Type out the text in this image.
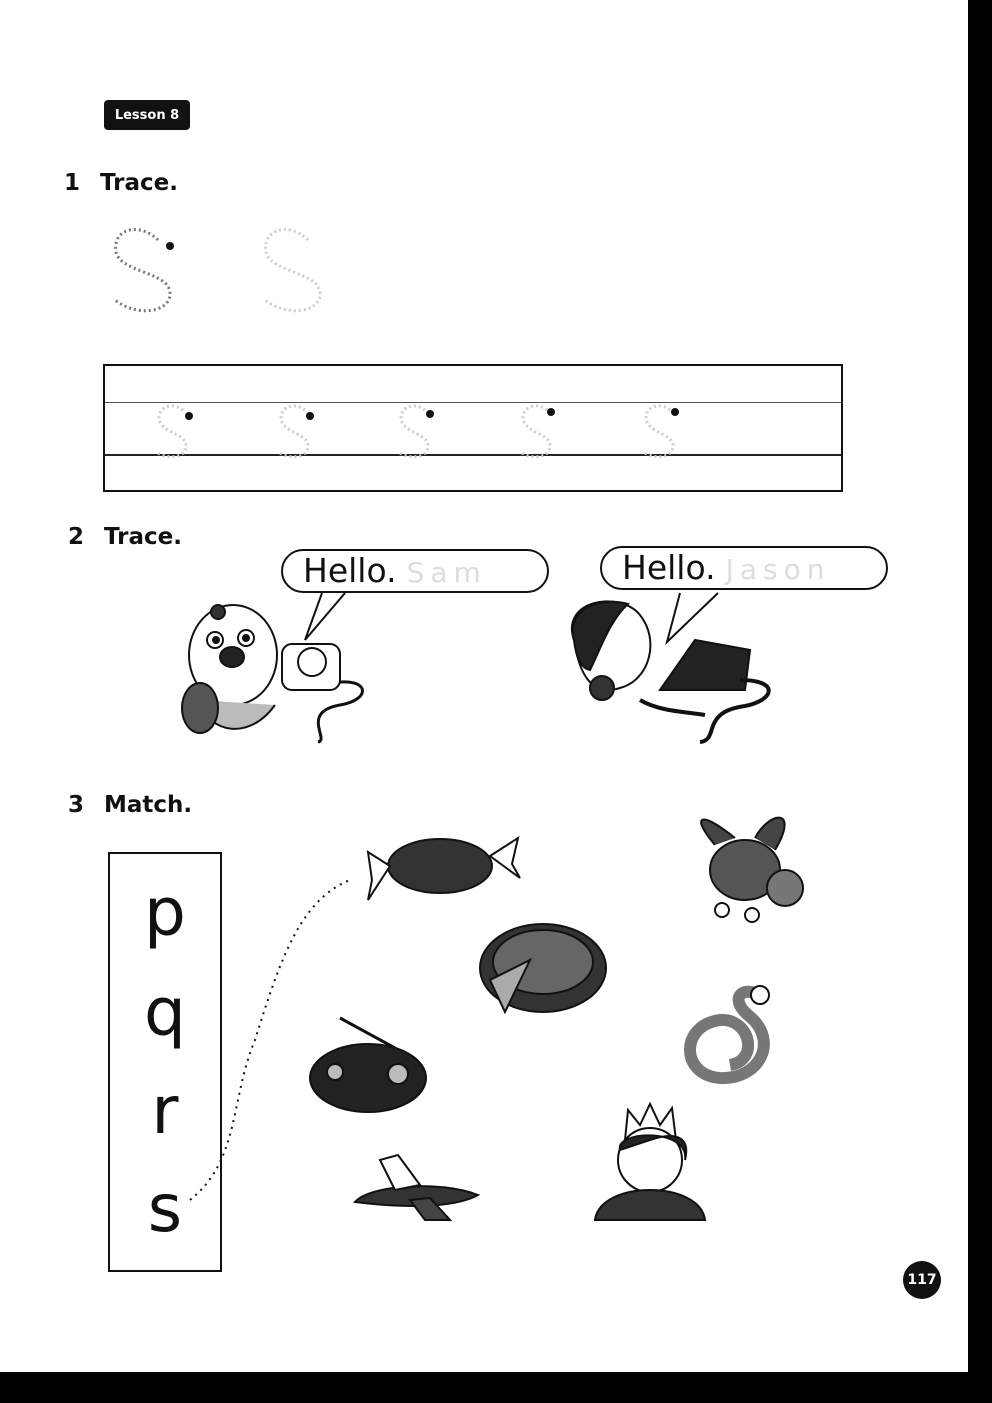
Lesson 8
1 Trace.
2 Trace.
Hello. Sam	Hello. Jason
3 Match.
p
q
r
s
117
